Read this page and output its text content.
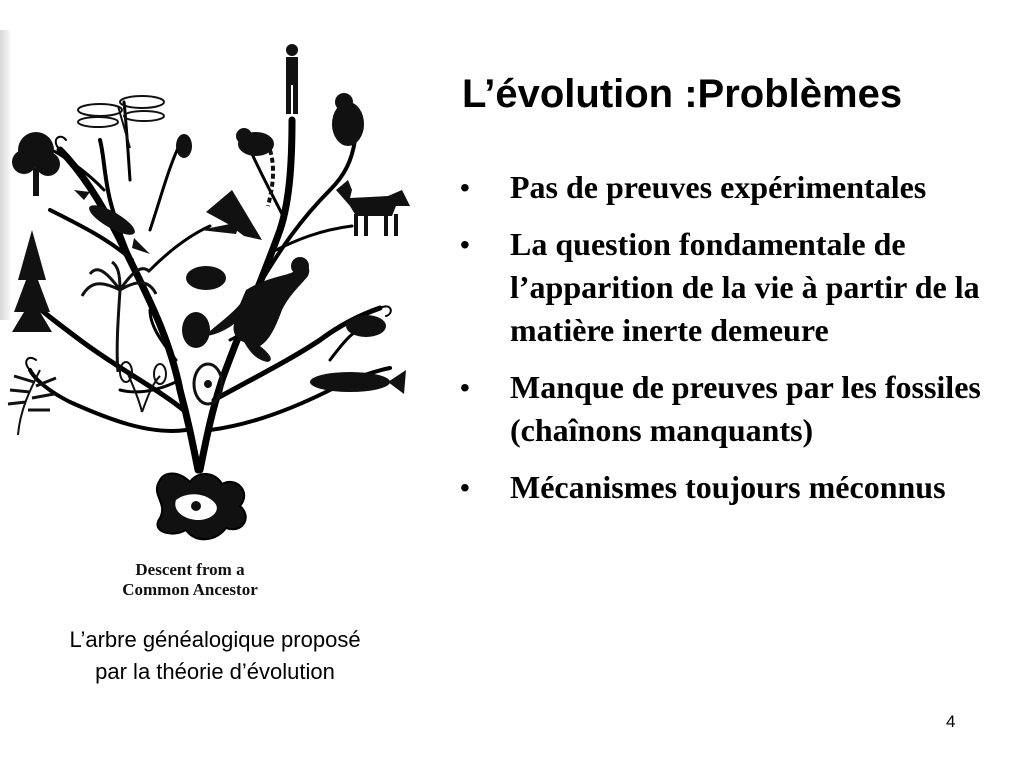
Descent from a
Common Ancestor
L’évolution :Problèmes
• Pas de preuves expérimentales
• La question fondamentale de l’apparition de la vie à partir de la matière inerte demeure
• Manque de preuves par les fossiles (chaînons manquants)
• Mécanismes toujours méconnus
L’arbre généalogique proposé
par la théorie d’évolution
4
